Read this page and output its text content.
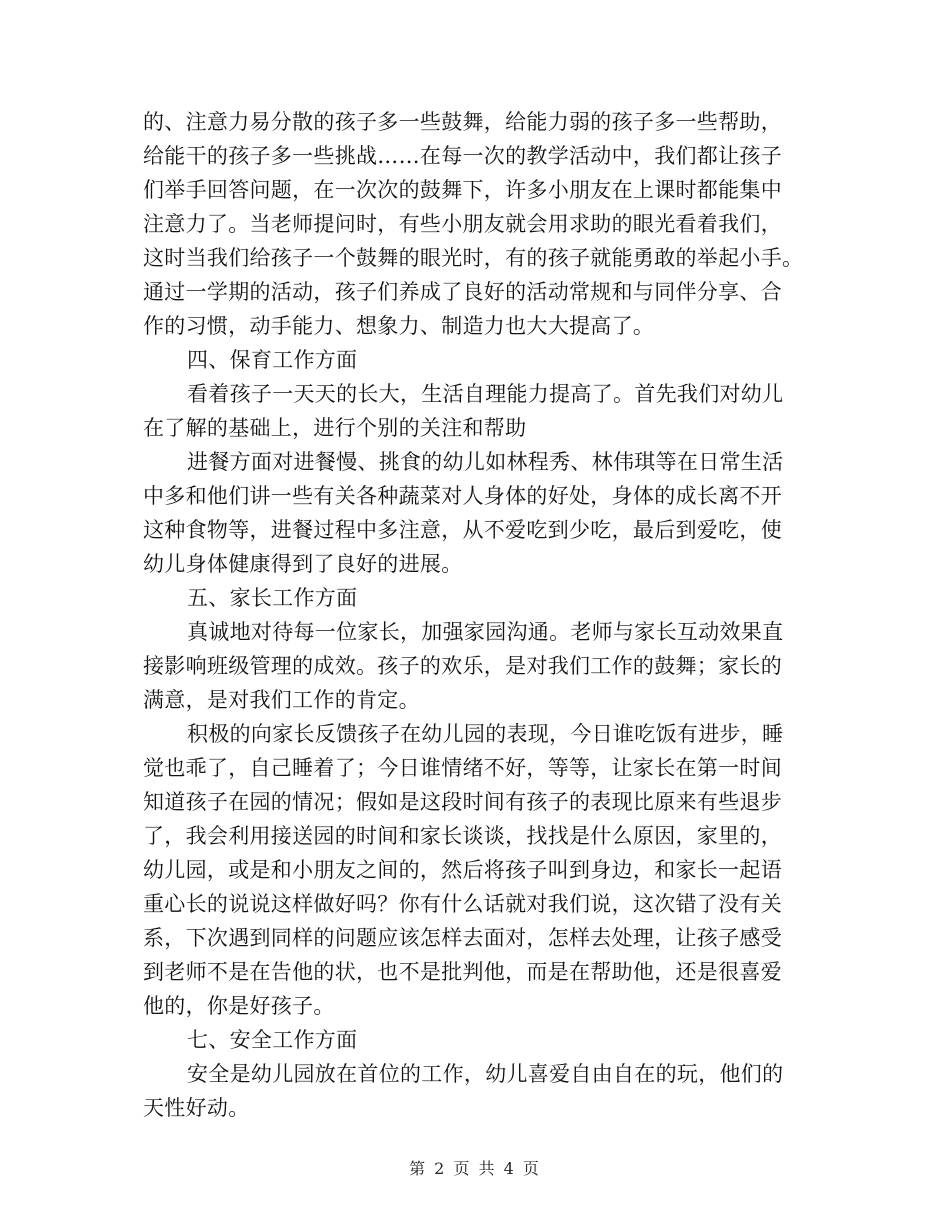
的、注意力易分散的孩子多一些鼓舞，给能力弱的孩子多一些帮助，
给能干的孩子多一些挑战……在每一次的教学活动中，我们都让孩子
们举手回答问题，在一次次的鼓舞下，许多小朋友在上课时都能集中
注意力了。当老师提问时，有些小朋友就会用求助的眼光看着我们，
这时当我们给孩子一个鼓舞的眼光时，有的孩子就能勇敢的举起小手。
通过一学期的活动，孩子们养成了良好的活动常规和与同伴分享、合
作的习惯，动手能力、想象力、制造力也大大提高了。
四、保育工作方面
看着孩子一天天的长大，生活自理能力提高了。首先我们对幼儿
在了解的基础上，进行个别的关注和帮助
进餐方面对进餐慢、挑食的幼儿如林程秀、林伟琪等在日常生活
中多和他们讲一些有关各种蔬菜对人身体的好处，身体的成长离不开
这种食物等，进餐过程中多注意，从不爱吃到少吃，最后到爱吃，使
幼儿身体健康得到了良好的进展。
五、家长工作方面
真诚地对待每一位家长，加强家园沟通。老师与家长互动效果直
接影响班级管理的成效。孩子的欢乐，是对我们工作的鼓舞；家长的
满意，是对我们工作的肯定。
积极的向家长反馈孩子在幼儿园的表现，今日谁吃饭有进步，睡
觉也乖了，自己睡着了；今日谁情绪不好，等等，让家长在第一时间
知道孩子在园的情况；假如是这段时间有孩子的表现比原来有些退步
了，我会利用接送园的时间和家长谈谈，找找是什么原因，家里的，
幼儿园，或是和小朋友之间的，然后将孩子叫到身边，和家长一起语
重心长的说说这样做好吗？你有什么话就对我们说，这次错了没有关
系，下次遇到同样的问题应该怎样去面对，怎样去处理，让孩子感受
到老师不是在告他的状，也不是批判他，而是在帮助他，还是很喜爱
他的，你是好孩子。
七、安全工作方面
安全是幼儿园放在首位的工作，幼儿喜爱自由自在的玩，他们的
天性好动。
第 2 页 共 4 页
